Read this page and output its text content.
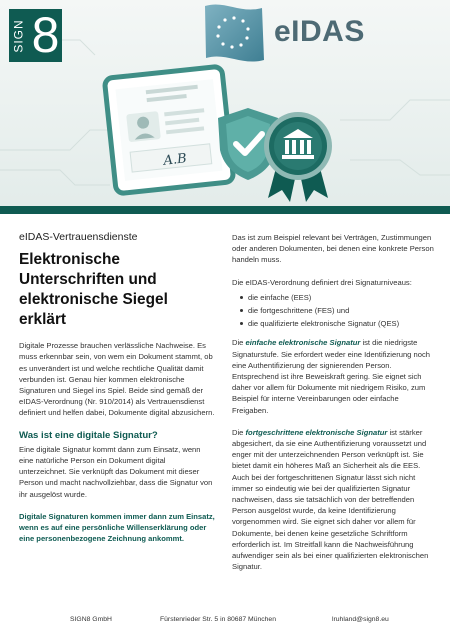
A.B
SIGN 8	eIDAS
eIDAS-Vertrauensdienste
Elektronische Unterschriften und elektronische Siegel erklärt
Digitale Prozesse brauchen verlässliche Nachweise. Es muss erkennbar sein, von wem ein Dokument stammt, ob es unverändert ist und welche rechtliche Qualität damit verbunden ist. Genau hier kommen elektronische Signaturen und Siegel ins Spiel. Beide sind gemäß der eIDAS-Verordnung (Nr. 910/2014) als Vertrauensdienst definiert und helfen dabei, Dokumente digital abzusichern.
Was ist eine digitale Signatur?
Eine digitale Signatur kommt dann zum Einsatz, wenn eine natürliche Person ein Dokument digital unterzeichnet. Sie verknüpft das Dokument mit dieser Person und macht nachvollziehbar, dass die Signatur von ihr ausgelöst wurde.
Digitale Signaturen kommen immer dann zum Einsatz, wenn es auf eine persönliche Willenserklärung oder eine personenbezogene Zeichnung ankommt.
Das ist zum Beispiel relevant bei Verträgen, Zustimmungen oder anderen Dokumenten, bei denen eine konkrete Person handeln muss.
Die eIDAS-Verordnung definiert drei Signaturniveaus:
die einfache (EES)
die fortgeschrittene (FES) und
die qualifizierte elektronische Signatur (QES)
Die einfache elektronische Signatur ist die niedrigste Signaturstufe. Sie erfordert weder eine Identifizierung noch eine Authentifizierung der signierenden Person. Entsprechend ist ihre Beweiskraft gering. Sie eignet sich daher vor allem für Dokumente mit niedrigem Risiko, zum Beispiel für interne Vereinbarungen oder einfache Freigaben.
Die fortgeschrittene elektronische Signatur ist stärker abgesichert, da sie eine Authentifizierung voraussetzt und enger mit der unterzeichnenden Person verknüpft ist. Sie bietet damit ein höheres Maß an Sicherheit als die EES. Auch bei der fortgeschrittenen Signatur lässt sich nicht immer so eindeutig wie bei der qualifizierten Signatur nachweisen, dass sie tatsächlich von der betreffenden Person ausgelöst wurde, da keine Identifizierung vorgenommen wird. Sie eignet sich daher vor allem für Dokumente, bei denen keine gesetzliche Schriftform erforderlich ist. Im Streitfall kann die Nachweisführung aufwendiger sein als bei einer qualifizierten elektronischen Signatur.
SIGN8 GmbH	Fürstenrieder Str. 5 in 80687 München	lruhland@sign8.eu
